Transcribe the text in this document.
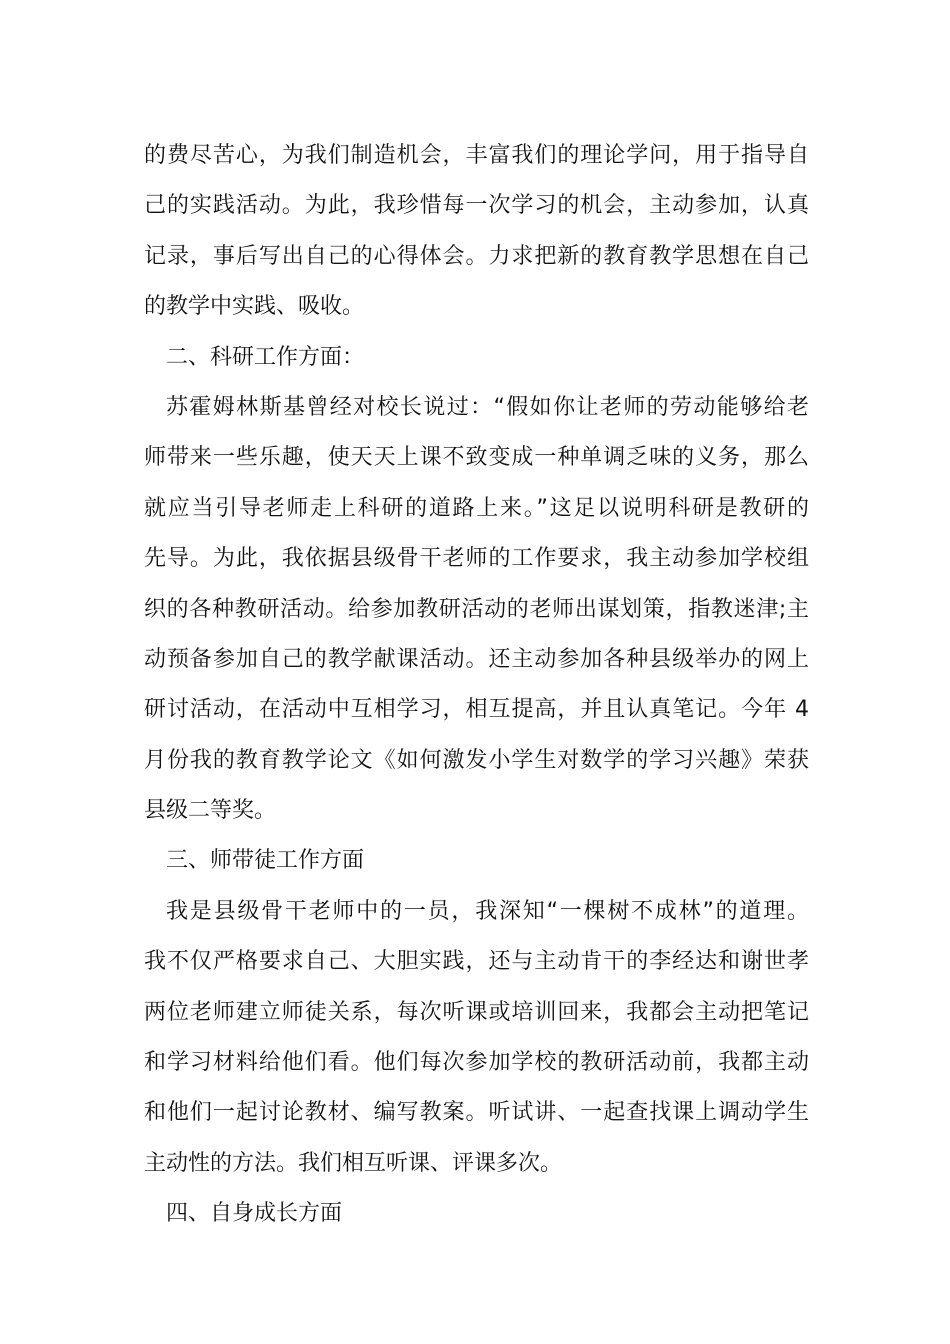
的费尽苦心，为我们制造机会，丰富我们的理论学问，用于指导自
己的实践活动。为此，我珍惜每一次学习的机会，主动参加，认真
记录，事后写出自己的心得体会。力求把新的教育教学思想在自己
的教学中实践、吸收。
二、科研工作方面：
苏霍姆林斯基曾经对校长说过：“假如你让老师的劳动能够给老
师带来一些乐趣，使天天上课不致变成一种单调乏味的义务，那么
就应当引导老师走上科研的道路上来。”这足以说明科研是教研的
先导。为此，我依据县级骨干老师的工作要求，我主动参加学校组
织的各种教研活动。给参加教研活动的老师出谋划策，指教迷津;主
动预备参加自己的教学献课活动。还主动参加各种县级举办的网上
研讨活动，在活动中互相学习，相互提高，并且认真笔记。今年 4
月份我的教育教学论文《如何激发小学生对数学的学习兴趣》荣获
县级二等奖。
三、师带徒工作方面
我是县级骨干老师中的一员，我深知“一棵树不成林”的道理。
我不仅严格要求自己、大胆实践，还与主动肯干的李经达和谢世孝
两位老师建立师徒关系，每次听课或培训回来，我都会主动把笔记
和学习材料给他们看。他们每次参加学校的教研活动前，我都主动
和他们一起讨论教材、编写教案。听试讲、一起查找课上调动学生
主动性的方法。我们相互听课、评课多次。
四、自身成长方面
